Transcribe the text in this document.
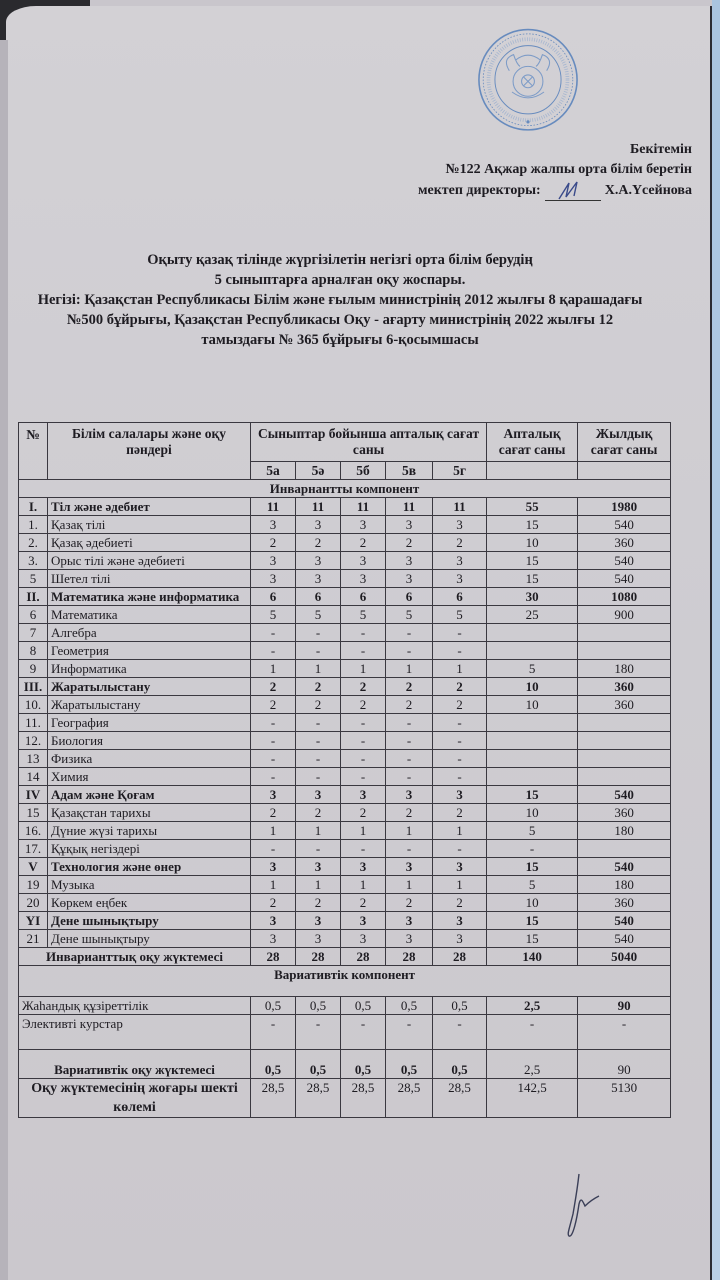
Бекітемін
№122 Ақжар жалпы орта білім беретін
мектеп директоры:	Х.А.Үсейнова
Оқыту қазақ тілінде жүргізілетін негізгі орта білім берудің
5 сыныптарға арналған оқу жоспары.
Негізі: Қазақстан Республикасы Білім және ғылым министрінің 2012 жылғы 8 қарашадағы
№500 бұйрығы, Қазақстан Республикасы Оқу - ағарту министрінің 2022 жылғы 12
тамыздағы № 365 бұйрығы 6-қосымшасы
№	Білім салалары және оқу пәндері	Сыныптар бойынша апталық сағат саны					Апталық сағат саны	Жылдық сағат саны
		5а	5ә	5б	5в	5г		
Инварнантты компонент								
I.	Тіл және әдебиет	11	11	11	11	11	55	1980
1.	Қазақ тілі	3	3	3	3	3	15	540
2.	Қазақ әдебиеті	2	2	2	2	2	10	360
3.	Орыс тілі және әдебиеті	3	3	3	3	3	15	540
5	Шетел тілі	3	3	3	3	3	15	540
II.	Математика және информатика	6	6	6	6	6	30	1080
6	Математика	5	5	5	5	5	25	900
7	Алгебра	-	-	-	-	-		
8	Геометрия	-	-	-	-	-		
9	Информатика	1	1	1	1	1	5	180
III.	Жаратылыстану	2	2	2	2	2	10	360
10.	Жаратылыстану	2	2	2	2	2	10	360
11.	География	-	-	-	-	-		
12.	Биология	-	-	-	-	-		
13	Физика	-	-	-	-	-		
14	Химия	-	-	-	-	-		
IV	Адам және Қоғам	3	3	3	3	3	15	540
15	Қазақстан тарихы	2	2	2	2	2	10	360
16.	Дүние жүзі тарихы	1	1	1	1	1	5	180
17.	Құқық негіздері	-	-	-	-	-	-	
V	Технология және өнер	3	3	3	3	3	15	540
19	Музыка	1	1	1	1	1	5	180
20	Көркем еңбек	2	2	2	2	2	10	360
YI	Дене шынықтыру	3	3	3	3	3	15	540
21	Дене шынықтыру	3	3	3	3	3	15	540
Инварианттық оқу жүктемесі		28	28	28	28	28	140	5040
Вариативтік компонент								
Жаһандық құзіреттілік		0,5	0,5	0,5	0,5	0,5	2,5	90
Элективті курстар		-	-	-	-	-	-	-
Вариативтік оқу жүктемесі		0,5	0,5	0,5	0,5	0,5	2,5	90
Оқу жүктемесінің жоғары шекті көлемі		28,5	28,5	28,5	28,5	28,5	142,5	5130
